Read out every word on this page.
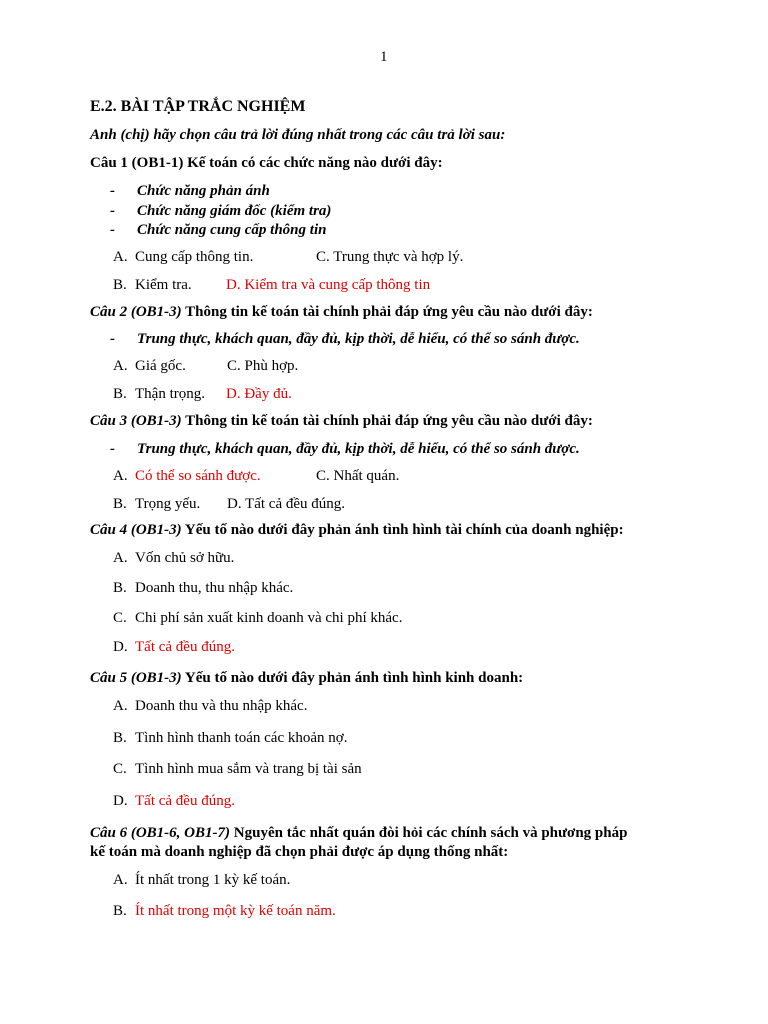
1
E.2. BÀI TẬP TRẮC NGHIỆM
Anh (chị) hãy chọn câu trả lời đúng nhất trong các câu trả lời sau:
Câu 1 (OB1-1) Kế toán có các chức năng nào dưới đây:
- Chức năng phản ánh
- Chức năng giám đốc (kiểm tra)
- Chức năng cung cấp thông tin
A. Cung cấp thông tin.	C. Trung thực và hợp lý.
B. Kiểm tra. D. Kiểm tra và cung cấp thông tin
Câu 2 (OB1-3) Thông tin kế toán tài chính phải đáp ứng yêu cầu nào dưới đây:
- Trung thực, khách quan, đầy đủ, kịp thời, dễ hiểu, có thể so sánh được.
A. Giá gốc.	C. Phù hợp.
B. Thận trọng. D. Đầy đủ.
Câu 3 (OB1-3) Thông tin kế toán tài chính phải đáp ứng yêu cầu nào dưới đây:
- Trung thực, khách quan, đầy đủ, kịp thời, dễ hiểu, có thể so sánh được.
A. Có thể so sánh được.	C. Nhất quán.
B. Trọng yếu. D. Tất cả đều đúng.
Câu 4 (OB1-3) Yếu tố nào dưới đây phản ánh tình hình tài chính của doanh nghiệp:
A. Vốn chủ sở hữu.
B. Doanh thu, thu nhập khác.
C. Chi phí sản xuất kinh doanh và chi phí khác.
D. Tất cả đều đúng.
Câu 5 (OB1-3) Yếu tố nào dưới đây phản ánh tình hình kinh doanh:
A. Doanh thu và thu nhập khác.
B. Tình hình thanh toán các khoản nợ.
C. Tình hình mua sắm và trang bị tài sản
D. Tất cả đều đúng.
Câu 6 (OB1-6, OB1-7) Nguyên tắc nhất quán đòi hỏi các chính sách và phương pháp
kế toán mà doanh nghiệp đã chọn phải được áp dụng thống nhất:
A. Ít nhất trong 1 kỳ kế toán.
B. Ít nhất trong một kỳ kế toán năm.
